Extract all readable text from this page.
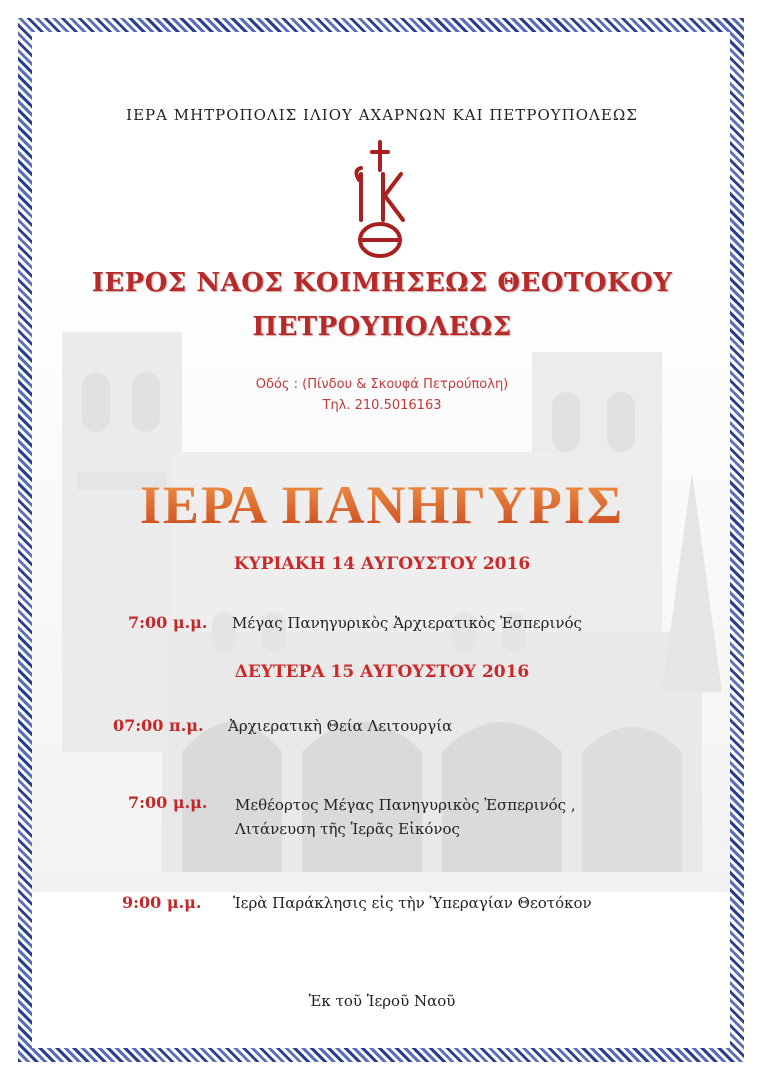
ΙΕΡΑ ΜΗΤΡΟΠΟΛΙΣ ΙΛΙΟΥ ΑΧΑΡΝΩΝ ΚΑΙ ΠΕΤΡΟΥΠΟΛΕΩΣ
ΙΕΡΟΣ ΝΑΟΣ ΚΟΙΜΗΣΕΩΣ ΘΕΟΤΟΚΟΥ
ΠΕΤΡΟΥΠΟΛΕΩΣ
Οδός : (Πίνδου & Σκουφά Πετρούπολη)
Τηλ. 210.5016163
ΙΕΡΑ ΠΑΝΗΓΥΡΙΣ
ΚΥΡΙΑΚΗ 14 ΑΥΓΟΥΣΤΟΥ 2016
7:00 μ.μ. Μέγας Πανηγυρικὸς Ἀρχιερατικὸς Ἑσπερινός
ΔΕΥΤΕΡΑ 15 ΑΥΓΟΥΣΤΟΥ 2016
07:00 π.μ. Ἀρχιερατικὴ Θεία Λειτουργία
7:00 μ.μ. Μεθέορτος Μέγας Πανηγυρικὸς Ἑσπερινός ,
Λιτάνευση τῆς Ἱερᾶς Εἰκόνος
9:00 μ.μ. Ἱερὰ Παράκλησις εἰς τὴν Ὑπεραγίαν Θεοτόκον
Ἐκ τοῦ Ἱεροῦ Ναοῦ
